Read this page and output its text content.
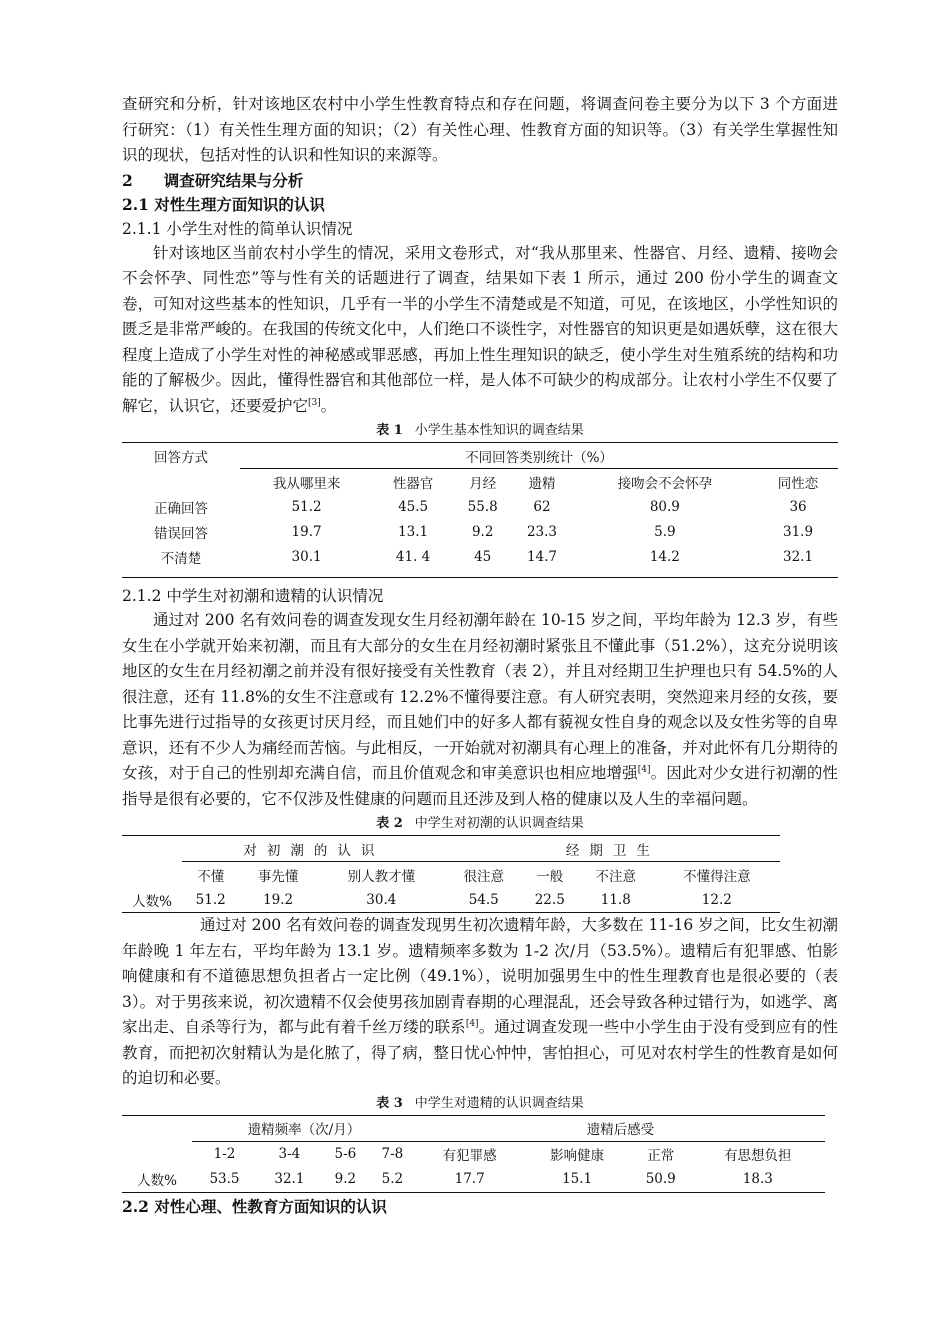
查研究和分析，针对该地区农村中小学生性教育特点和存在问题，将调查问卷主要分为以下 3 个方面进行研究：（1）有关性生理方面的知识；（2）有关性心理、性教育方面的知识等。（3）有关学生掌握性知识的现状，包括对性的认识和性知识的来源等。

2　　调查研究结果与分析
2.1 对性生理方面知识的认识
2.1.1 小学生对性的简单认识情况

针对该地区当前农村小学生的情况，采用文卷形式，对“我从那里来、性器官、月经、遗精、接吻会不会怀孕、同性恋”等与性有关的话题进行了调查，结果如下表 1 所示，通过 200 份小学生的调查文卷，可知对这些基本的性知识，几乎有一半的小学生不清楚或是不知道，可见，在该地区，小学性知识的匮乏是非常严峻的。在我国的传统文化中，人们绝口不谈性字，对性器官的知识更是如遇妖孽，这在很大程度上造成了小学生对性的神秘感或罪恶感，再加上性生理知识的缺乏，使小学生对生殖系统的结构和功能的了解极少。因此，懂得性器官和其他部位一样，是人体不可缺少的构成部分。让农村小学生不仅要了解它，认识它，还要爱护它[3]。

表 1 小学生基本性知识的调查结果
回答方式	不同回答类别统计（%）					
	我从哪里来	性器官	月经	遗精	接吻会不会怀孕	同性恋
正确回答	51.2	45.5	55.8	62	80.9	36
错误回答	19.7	13.1	9.2	23.3	5.9	31.9
不清楚	30.1	41. 4	45	14.7	14.2	32.1

2.1.2 中学生对初潮和遗精的认识情况

通过对 200 名有效问卷的调查发现女生月经初潮年龄在 10-15 岁之间，平均年龄为 12.3 岁，有些女生在小学就开始来初潮，而且有大部分的女生在月经初潮时紧张且不懂此事（51.2%），这充分说明该地区的女生在月经初潮之前并没有很好接受有关性教育（表 2），并且对经期卫生护理也只有 54.5%的人很注意，还有 11.8%的女生不注意或有 12.2%不懂得要注意。有人研究表明，突然迎来月经的女孩，要比事先进行过指导的女孩更讨厌月经，而且她们中的好多人都有藐视女性自身的观念以及女性劣等的自卑意识，还有不少人为痛经而苦恼。与此相反，一开始就对初潮具有心理上的准备，并对此怀有几分期待的女孩，对于自己的性别却充满自信，而且价值观念和审美意识也相应地增强[4]。因此对少女进行初潮的性指导是很有必要的，它不仅涉及性健康的问题而且还涉及到人格的健康以及人生的幸福问题。

表 2 中学生对初潮的认识调查结果
	对初潮的认识			经期卫生			
	不懂	事先懂	别人教才懂	很注意	一般	不注意	不懂得注意
人数%	51.2	19.2	30.4	54.5	22.5	11.8	12.2

通过对 200 名有效问卷的调查发现男生初次遗精年龄，大多数在 11-16 岁之间，比女生初潮年龄晚 1 年左右，平均年龄为 13.1 岁。遗精频率多数为 1-2 次/月（53.5%）。遗精后有犯罪感、怕影响健康和有不道德思想负担者占一定比例（49.1%），说明加强男生中的性生理教育也是很必要的（表 3）。对于男孩来说，初次遗精不仅会使男孩加剧青春期的心理混乱，还会导致各种过错行为，如逃学、离家出走、自杀等行为，都与此有着千丝万缕的联系[4]。通过调查发现一些中小学生由于没有受到应有的性教育，而把初次射精认为是化脓了，得了病，整日忧心忡忡，害怕担心，可见对农村学生的性教育是如何的迫切和必要。

表 3 中学生对遗精的认识调查结果
	遗精频率（次/月）				遗精后感受			
	1-2	3-4	5-6	7-8	有犯罪感	影响健康	正常	有思想负担
人数%	53.5	32.1	9.2	5.2	17.7	15.1	50.9	18.3
2.2 对性心理、性教育方面知识的认识
